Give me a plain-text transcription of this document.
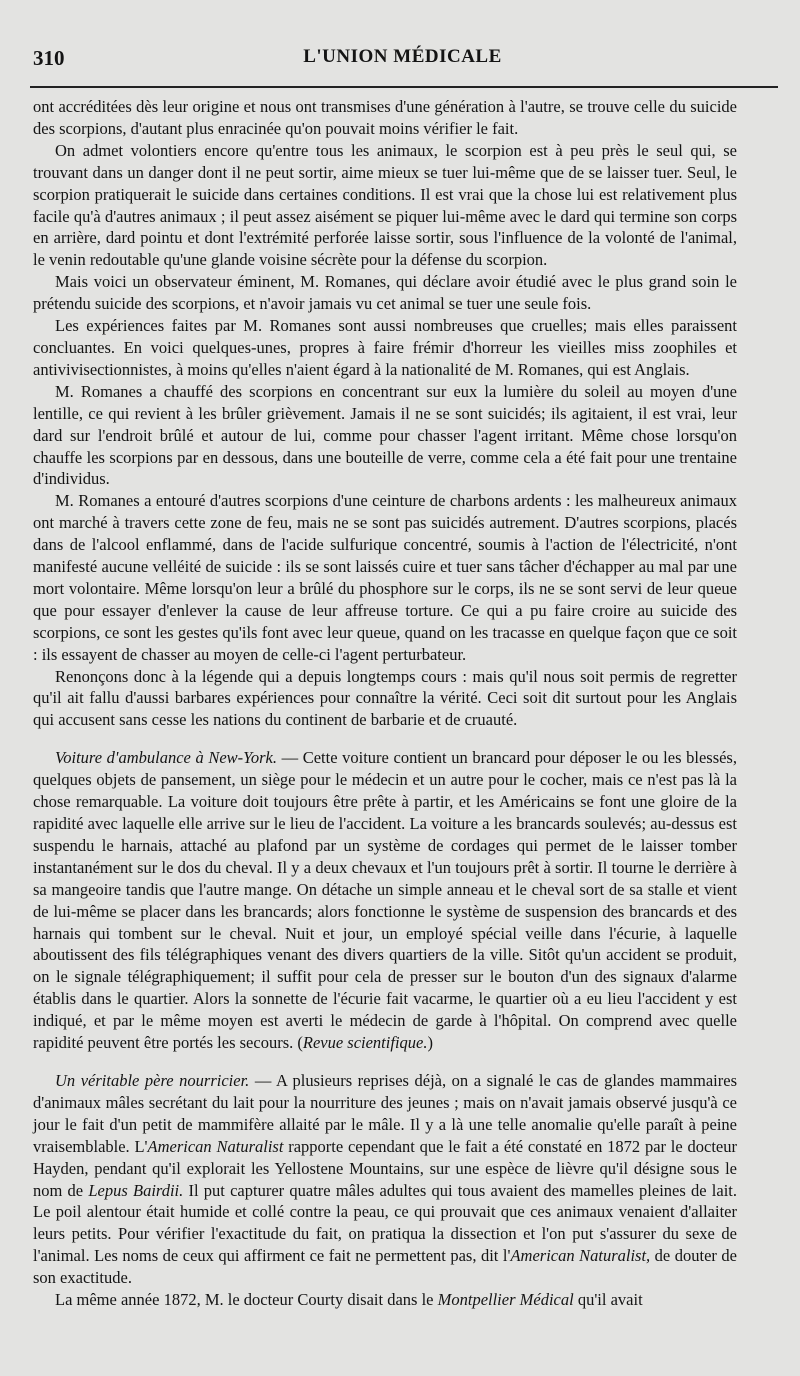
310	L'UNION MÉDICALE

ont accréditées dès leur origine et nous ont transmises d'une génération à l'autre, se trouve celle du suicide des scorpions, d'autant plus enracinée qu'on pouvait moins vérifier le fait.

On admet volontiers encore qu'entre tous les animaux, le scorpion est à peu près le seul qui, se trouvant dans un danger dont il ne peut sortir, aime mieux se tuer lui-même que de se laisser tuer. Seul, le scorpion pratiquerait le suicide dans certaines conditions. Il est vrai que la chose lui est relativement plus facile qu'à d'autres animaux ; il peut assez aisément se piquer lui-même avec le dard qui termine son corps en arrière, dard pointu et dont l'extrémité perforée laisse sortir, sous l'influence de la volonté de l'animal, le venin redoutable qu'une glande voisine sécrète pour la défense du scorpion.

Mais voici un observateur éminent, M. Romanes, qui déclare avoir étudié avec le plus grand soin le prétendu suicide des scorpions, et n'avoir jamais vu cet animal se tuer une seule fois.

Les expériences faites par M. Romanes sont aussi nombreuses que cruelles; mais elles paraissent concluantes. En voici quelques-unes, propres à faire frémir d'horreur les vieilles miss zoophiles et antivivisectionnistes, à moins qu'elles n'aient égard à la nationalité de M. Romanes, qui est Anglais.

M. Romanes a chauffé des scorpions en concentrant sur eux la lumière du soleil au moyen d'une lentille, ce qui revient à les brûler grièvement. Jamais il ne se sont suicidés; ils agitaient, il est vrai, leur dard sur l'endroit brûlé et autour de lui, comme pour chasser l'agent irritant. Même chose lorsqu'on chauffe les scorpions par en dessous, dans une bouteille de verre, comme cela a été fait pour une trentaine d'individus.

M. Romanes a entouré d'autres scorpions d'une ceinture de charbons ardents : les malheureux animaux ont marché à travers cette zone de feu, mais ne se sont pas suicidés autrement. D'autres scorpions, placés dans de l'alcool enflammé, dans de l'acide sulfurique concentré, soumis à l'action de l'électricité, n'ont manifesté aucune velléité de suicide : ils se sont laissés cuire et tuer sans tâcher d'échapper au mal par une mort volontaire. Même lorsqu'on leur a brûlé du phosphore sur le corps, ils ne se sont servi de leur queue que pour essayer d'enlever la cause de leur affreuse torture. Ce qui a pu faire croire au suicide des scorpions, ce sont les gestes qu'ils font avec leur queue, quand on les tracasse en quelque façon que ce soit : ils essayent de chasser au moyen de celle-ci l'agent perturbateur.

Renonçons donc à la légende qui a depuis longtemps cours : mais qu'il nous soit permis de regretter qu'il ait fallu d'aussi barbares expériences pour connaître la vérité. Ceci soit dit surtout pour les Anglais qui accusent sans cesse les nations du continent de barbarie et de cruauté.

Voiture d'ambulance à New-York. — Cette voiture contient un brancard pour déposer le ou les blessés, quelques objets de pansement, un siège pour le médecin et un autre pour le cocher, mais ce n'est pas là la chose remarquable. La voiture doit toujours être prête à partir, et les Américains se font une gloire de la rapidité avec laquelle elle arrive sur le lieu de l'accident. La voiture a les brancards soulevés; au-dessus est suspendu le harnais, attaché au plafond par un système de cordages qui permet de le laisser tomber instantanément sur le dos du cheval. Il y a deux chevaux et l'un toujours prêt à sortir. Il tourne le derrière à sa mangeoire tandis que l'autre mange. On détache un simple anneau et le cheval sort de sa stalle et vient de lui-même se placer dans les brancards; alors fonctionne le système de suspension des brancards et des harnais qui tombent sur le cheval. Nuit et jour, un employé spécial veille dans l'écurie, à laquelle aboutissent des fils télégraphiques venant des divers quartiers de la ville. Sitôt qu'un accident se produit, on le signale télégraphiquement; il suffit pour cela de presser sur le bouton d'un des signaux d'alarme établis dans le quartier. Alors la sonnette de l'écurie fait vacarme, le quartier où a eu lieu l'accident y est indiqué, et par le même moyen est averti le médecin de garde à l'hôpital. On comprend avec quelle rapidité peuvent être portés les secours. (Revue scientifique.)

Un véritable père nourricier. — A plusieurs reprises déjà, on a signalé le cas de glandes mammaires d'animaux mâles secrétant du lait pour la nourriture des jeunes ; mais on n'avait jamais observé jusqu'à ce jour le fait d'un petit de mammifère allaité par le mâle. Il y a là une telle anomalie qu'elle paraît à peine vraisemblable. L'American Naturalist rapporte cependant que le fait a été constaté en 1872 par le docteur Hayden, pendant qu'il explorait les Yellostene Mountains, sur une espèce de lièvre qu'il désigne sous le nom de Lepus Bairdii. Il put capturer quatre mâles adultes qui tous avaient des mamelles pleines de lait. Le poil alentour était humide et collé contre la peau, ce qui prouvait que ces animaux venaient d'allaiter leurs petits. Pour vérifier l'exactitude du fait, on pratiqua la dissection et l'on put s'assurer du sexe de l'animal. Les noms de ceux qui affirment ce fait ne permettent pas, dit l'American Naturalist, de douter de son exactitude.

La même année 1872, M. le docteur Courty disait dans le Montpellier Médical qu'il avait
